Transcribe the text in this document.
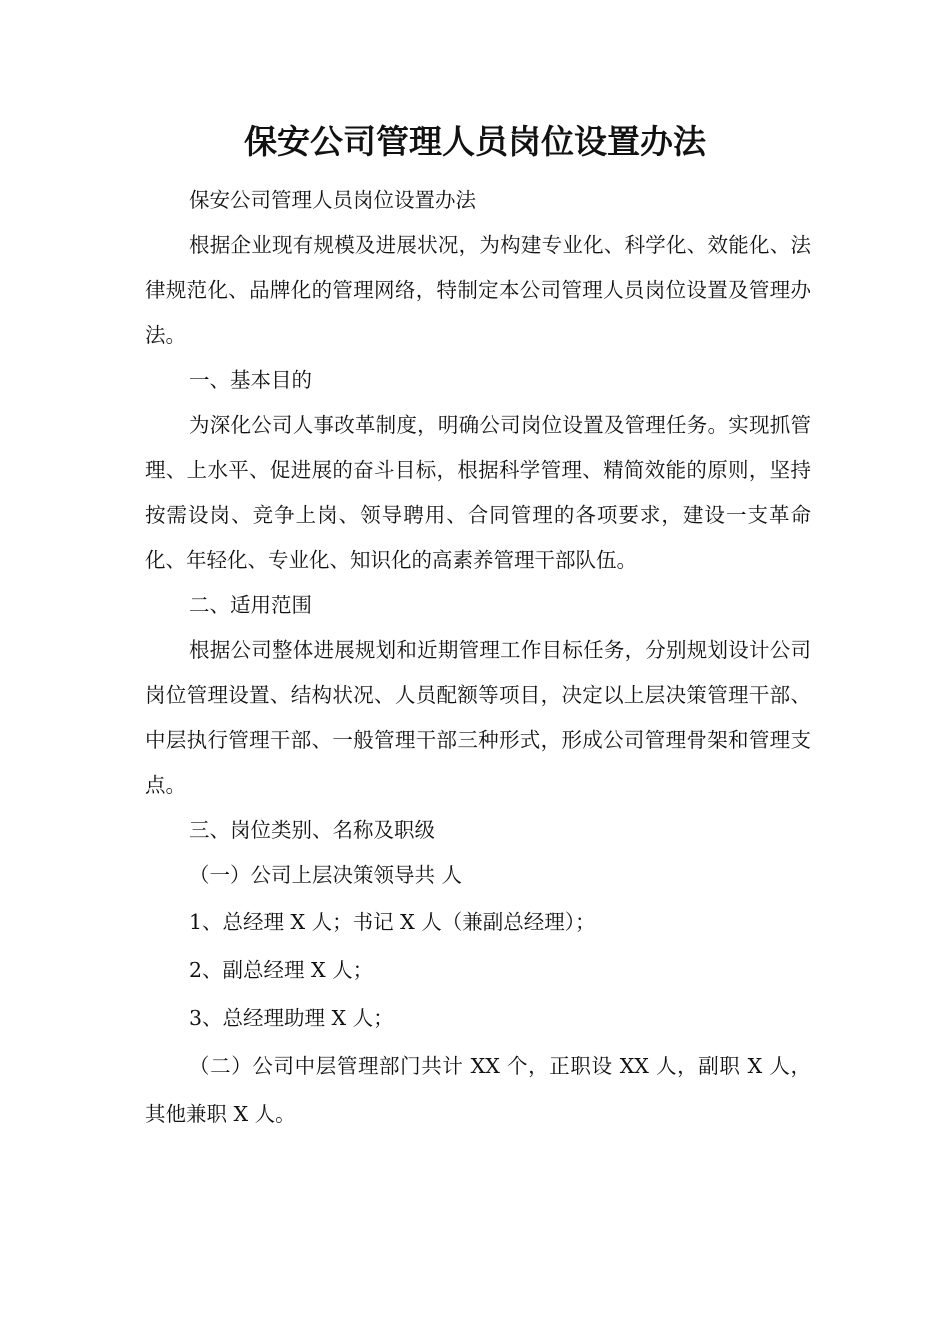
保安公司管理人员岗位设置办法

保安公司管理人员岗位设置办法

根据企业现有规模及进展状况，为构建专业化、科学化、效能化、法律规范化、品牌化的管理网络，特制定本公司管理人员岗位设置及管理办法。

一、基本目的

为深化公司人事改革制度，明确公司岗位设置及管理任务。实现抓管理、上水平、促进展的奋斗目标，根据科学管理、精简效能的原则，坚持按需设岗、竞争上岗、领导聘用、合同管理的各项要求，建设一支革命化、年轻化、专业化、知识化的高素养管理干部队伍。

二、适用范围

根据公司整体进展规划和近期管理工作目标任务，分别规划设计公司岗位管理设置、结构状况、人员配额等项目，决定以上层决策管理干部、中层执行管理干部、一般管理干部三种形式，形成公司管理骨架和管理支点。

三、岗位类别、名称及职级

（一）公司上层决策领导共 人

1、总经理 X 人；书记 X 人（兼副总经理）；

2、副总经理 X 人；

3、总经理助理 X 人；

（二）公司中层管理部门共计 XX 个，正职设 XX 人，副职 X 人，其他兼职 X 人。
